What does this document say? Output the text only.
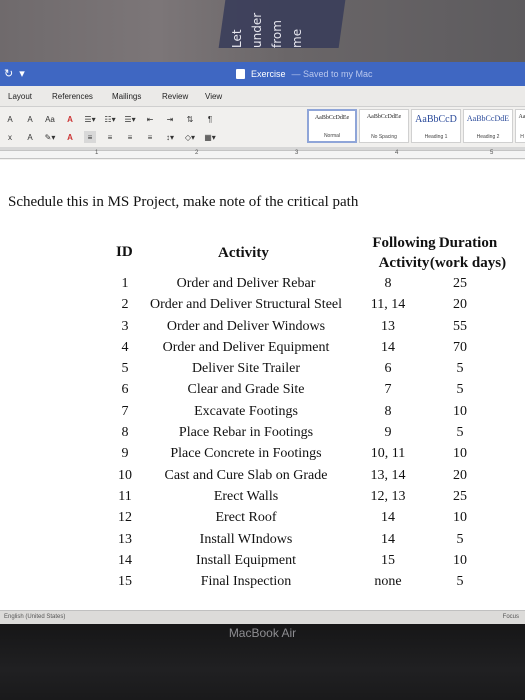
Let under from me
↻ ▾	Exercise — Saved to my Mac
Layout References Mailings	Review View
A	A	Aa	A	☰▾ ☷▾ ☰▾	⇤	⇥	⇅	¶
x	A	✎▾	A	≡	≡	≡	≡	↕▾ ◇▾ ▦▾
AaBbCcDdEe
Normal
AaBbCcDdEe
No Spacing
AaBbCcD
Heading 1
AaBbCcDdE
Heading 2
Aa
H
1	2	3	4	5
Schedule this in MS Project, make note of the critical path
ID	Activity
Following
Activity
Duration
(work days)
1	Order and Deliver Rebar	8	25
2	Order and Deliver Structural Steel	11, 14	20
3	Order and Deliver Windows	13	55
4	Order and Deliver Equipment	14	70
5	Deliver Site Trailer	6	5
6	Clear and Grade Site	7	5
7	Excavate Footings	8	10
8	Place Rebar in Footings	9	5
9	Place Concrete in Footings	10, 11	10
10	Cast and Cure Slab on Grade	13, 14	20
11	Erect Walls	12, 13	25
12	Erect Roof	14	10
13	Install WIndows	14	5
14	Install Equipment	15	10
15	Final Inspection	none	5
English (United States)	Focus
MacBook Air
